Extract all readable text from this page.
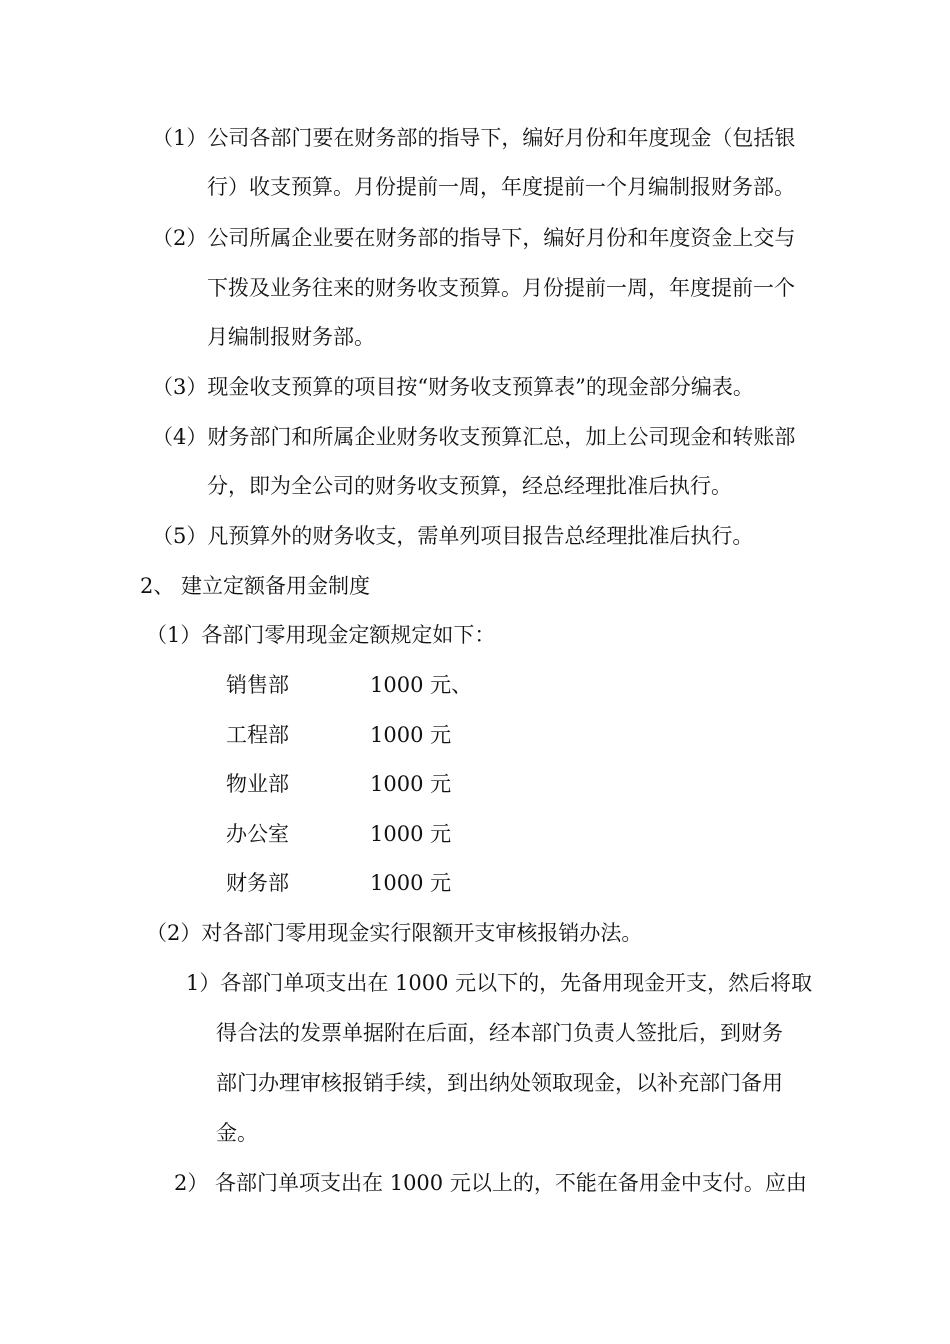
（1）公司各部门要在财务部的指导下，编好月份和年度现金（包括银

行）收支预算。月份提前一周，年度提前一个月编制报财务部。

（2）公司所属企业要在财务部的指导下，编好月份和年度资金上交与

下拨及业务往来的财务收支预算。月份提前一周，年度提前一个

月编制报财务部。

（3）现金收支预算的项目按“财务收支预算表”的现金部分编表。

（4）财务部门和所属企业财务收支预算汇总，加上公司现金和转账部

分，即为全公司的财务收支预算，经总经理批准后执行。

（5）凡预算外的财务收支，需单列项目报告总经理批准后执行。

2、 建立定额备用金制度

（1）各部门零用现金定额规定如下：

销售部	1000 元、
工程部	1000 元
物业部	1000 元
办公室	1000 元
财务部	1000 元

（2）对各部门零用现金实行限额开支审核报销办法。

1）各部门单项支出在 1000 元以下的，先备用现金开支，然后将取

得合法的发票单据附在后面，经本部门负责人签批后，到财务

部门办理审核报销手续，到出纳处领取现金，以补充部门备用

金。

2） 各部门单项支出在 1000 元以上的，不能在备用金中支付。应由
